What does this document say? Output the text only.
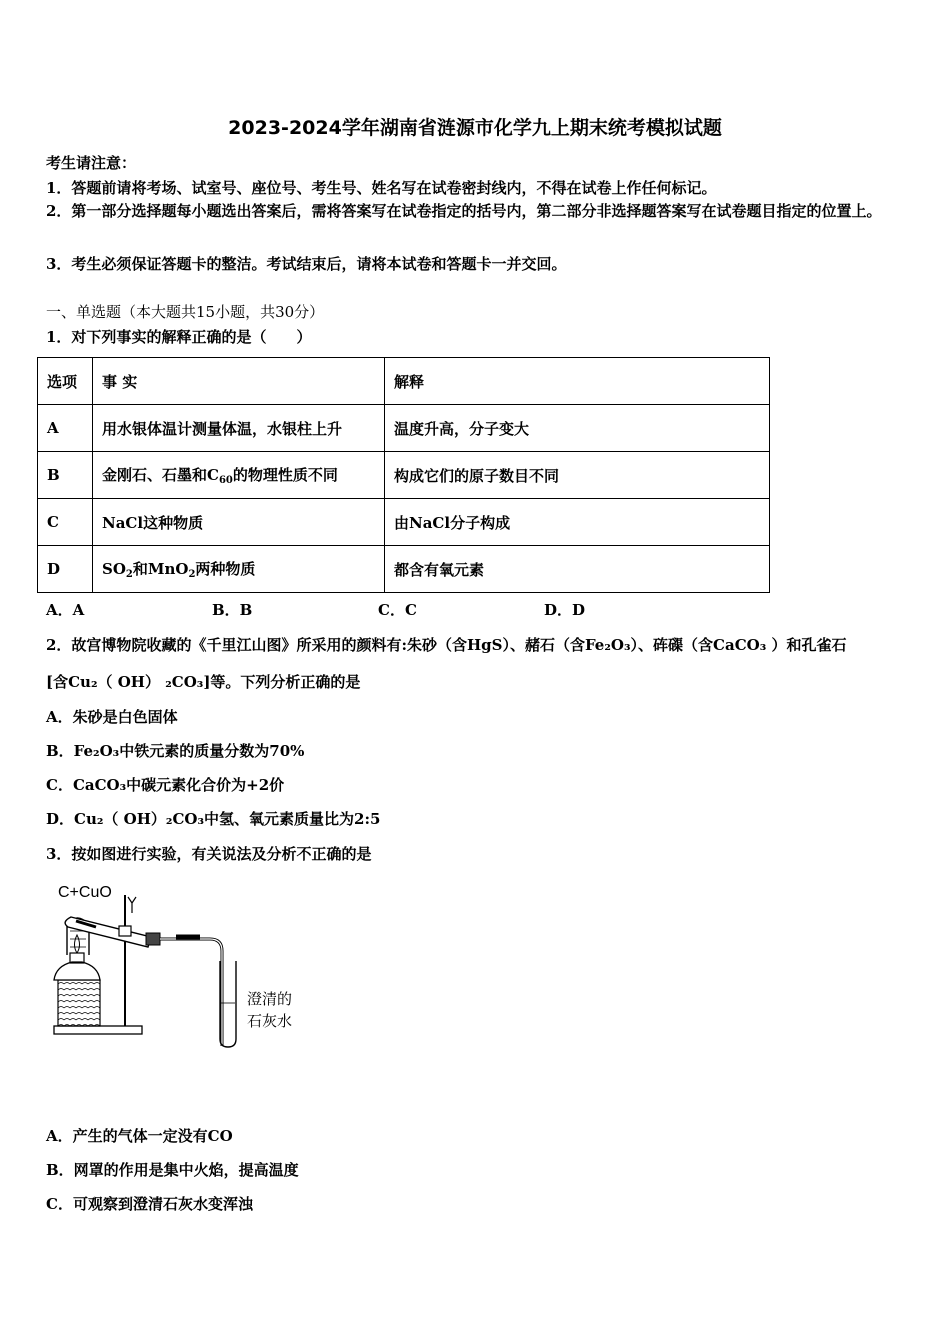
2023-2024学年湖南省涟源市化学九上期末统考模拟试题
考生请注意：
1．答题前请将考场、试室号、座位号、考生号、姓名写在试卷密封线内，不得在试卷上作任何标记。
2．第一部分选择题每小题选出答案后，需将答案写在试卷指定的括号内，第二部分非选择题答案写在试卷题目指定的位置上。
3．考生必须保证答题卡的整洁。考试结束后，请将本试卷和答题卡一并交回。
一、单选题（本大题共15小题，共30分）
1．对下列事实的解释正确的是（　　）
选项	事 实	解释
A	用水银体温计测量体温，水银柱上升	温度升高，分子变大
B	金刚石、石墨和$C_{60}$的物理性质不同	构成它们的原子数目不同
C	NaCl这种物质	由NaCl分子构成
D	$SO_2$和MnO$_2$两种物质	都含有氧元素
A．A	B．B	C．C	D．D
2．故宫博物院收藏的《千里江山图》所采用的颜料有:朱砂（含HgS）、赭石（含Fe₂O₃）、砗磲（含CaCO₃ ）和孔雀石
[含Cu₂（ OH） ₂CO₃]等。下列分析正确的是
A．朱砂是白色固体
B．Fe₂O₃中铁元素的质量分数为70%
C．CaCO₃中碳元素化合价为+2价
D．Cu₂（ OH）₂CO₃中氢、氧元素质量比为2:5
3．按如图进行实验，有关说法及分析不正确的是
C+CuO
澄清的
石灰水
A．产生的气体一定没有CO
B．网罩的作用是集中火焰，提高温度
C．可观察到澄清石灰水变浑浊
